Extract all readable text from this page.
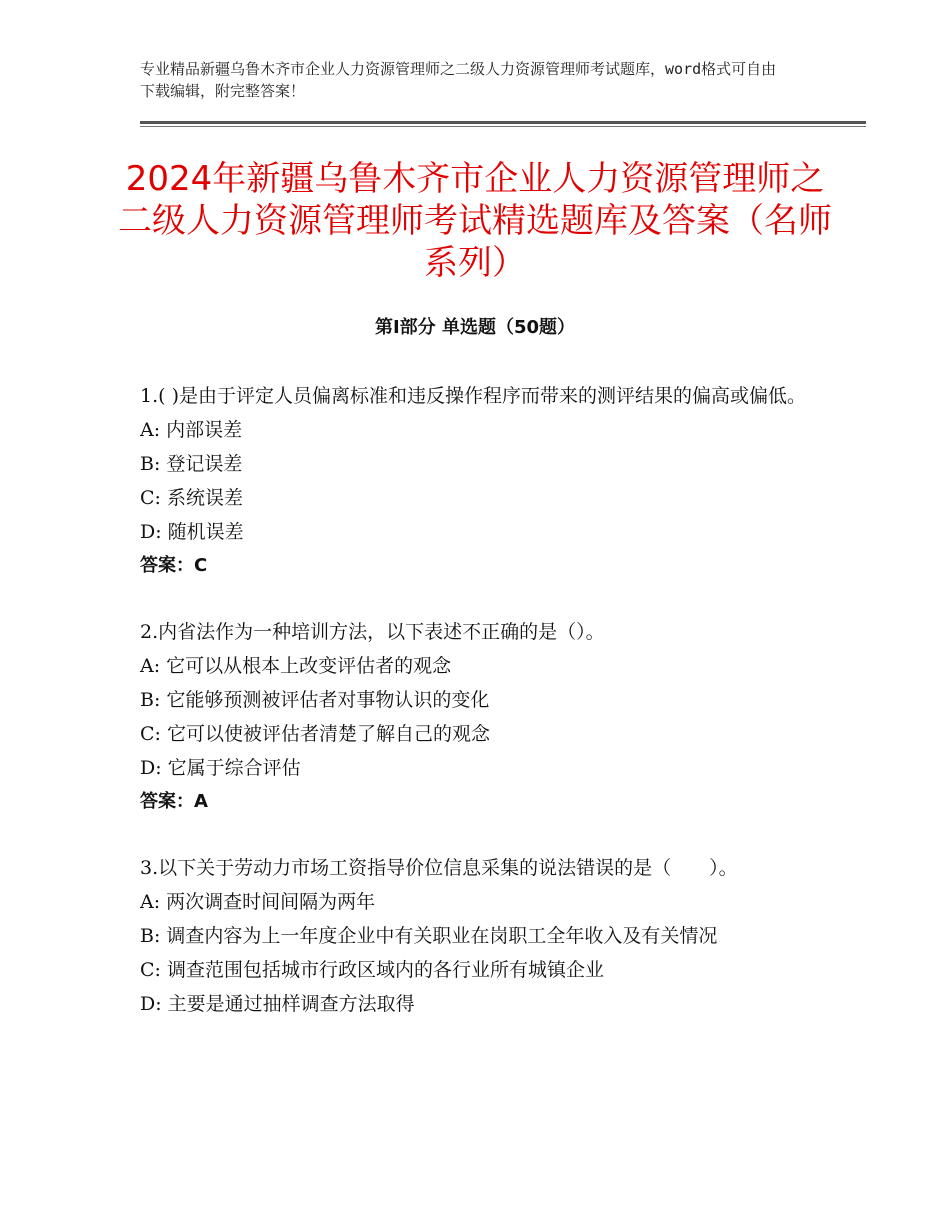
专业精品新疆乌鲁木齐市企业人力资源管理师之二级人力资源管理师考试题库，word格式可自由下载编辑，附完整答案！
2024年新疆乌鲁木齐市企业人力资源管理师之二级人力资源管理师考试精选题库及答案（名师系列）
第Ⅰ部分 单选题（50题）

1.( )是由于评定人员偏离标准和违反操作程序而带来的测评结果的偏高或偏低。

A: 内部误差

B: 登记误差

C: 系统误差

D: 随机误差

答案：C

2.内省法作为一种培训方法，以下表述不正确的是（）。

A: 它可以从根本上改变评估者的观念

B: 它能够预测被评估者对事物认识的变化

C: 它可以使被评估者清楚了解自己的观念

D: 它属于综合评估

答案：A

3.以下关于劳动力市场工资指导价位信息采集的说法错误的是（　　）。

A: 两次调查时间间隔为两年

B: 调查内容为上一年度企业中有关职业在岗职工全年收入及有关情况

C: 调查范围包括城市行政区域内的各行业所有城镇企业

D: 主要是通过抽样调查方法取得
